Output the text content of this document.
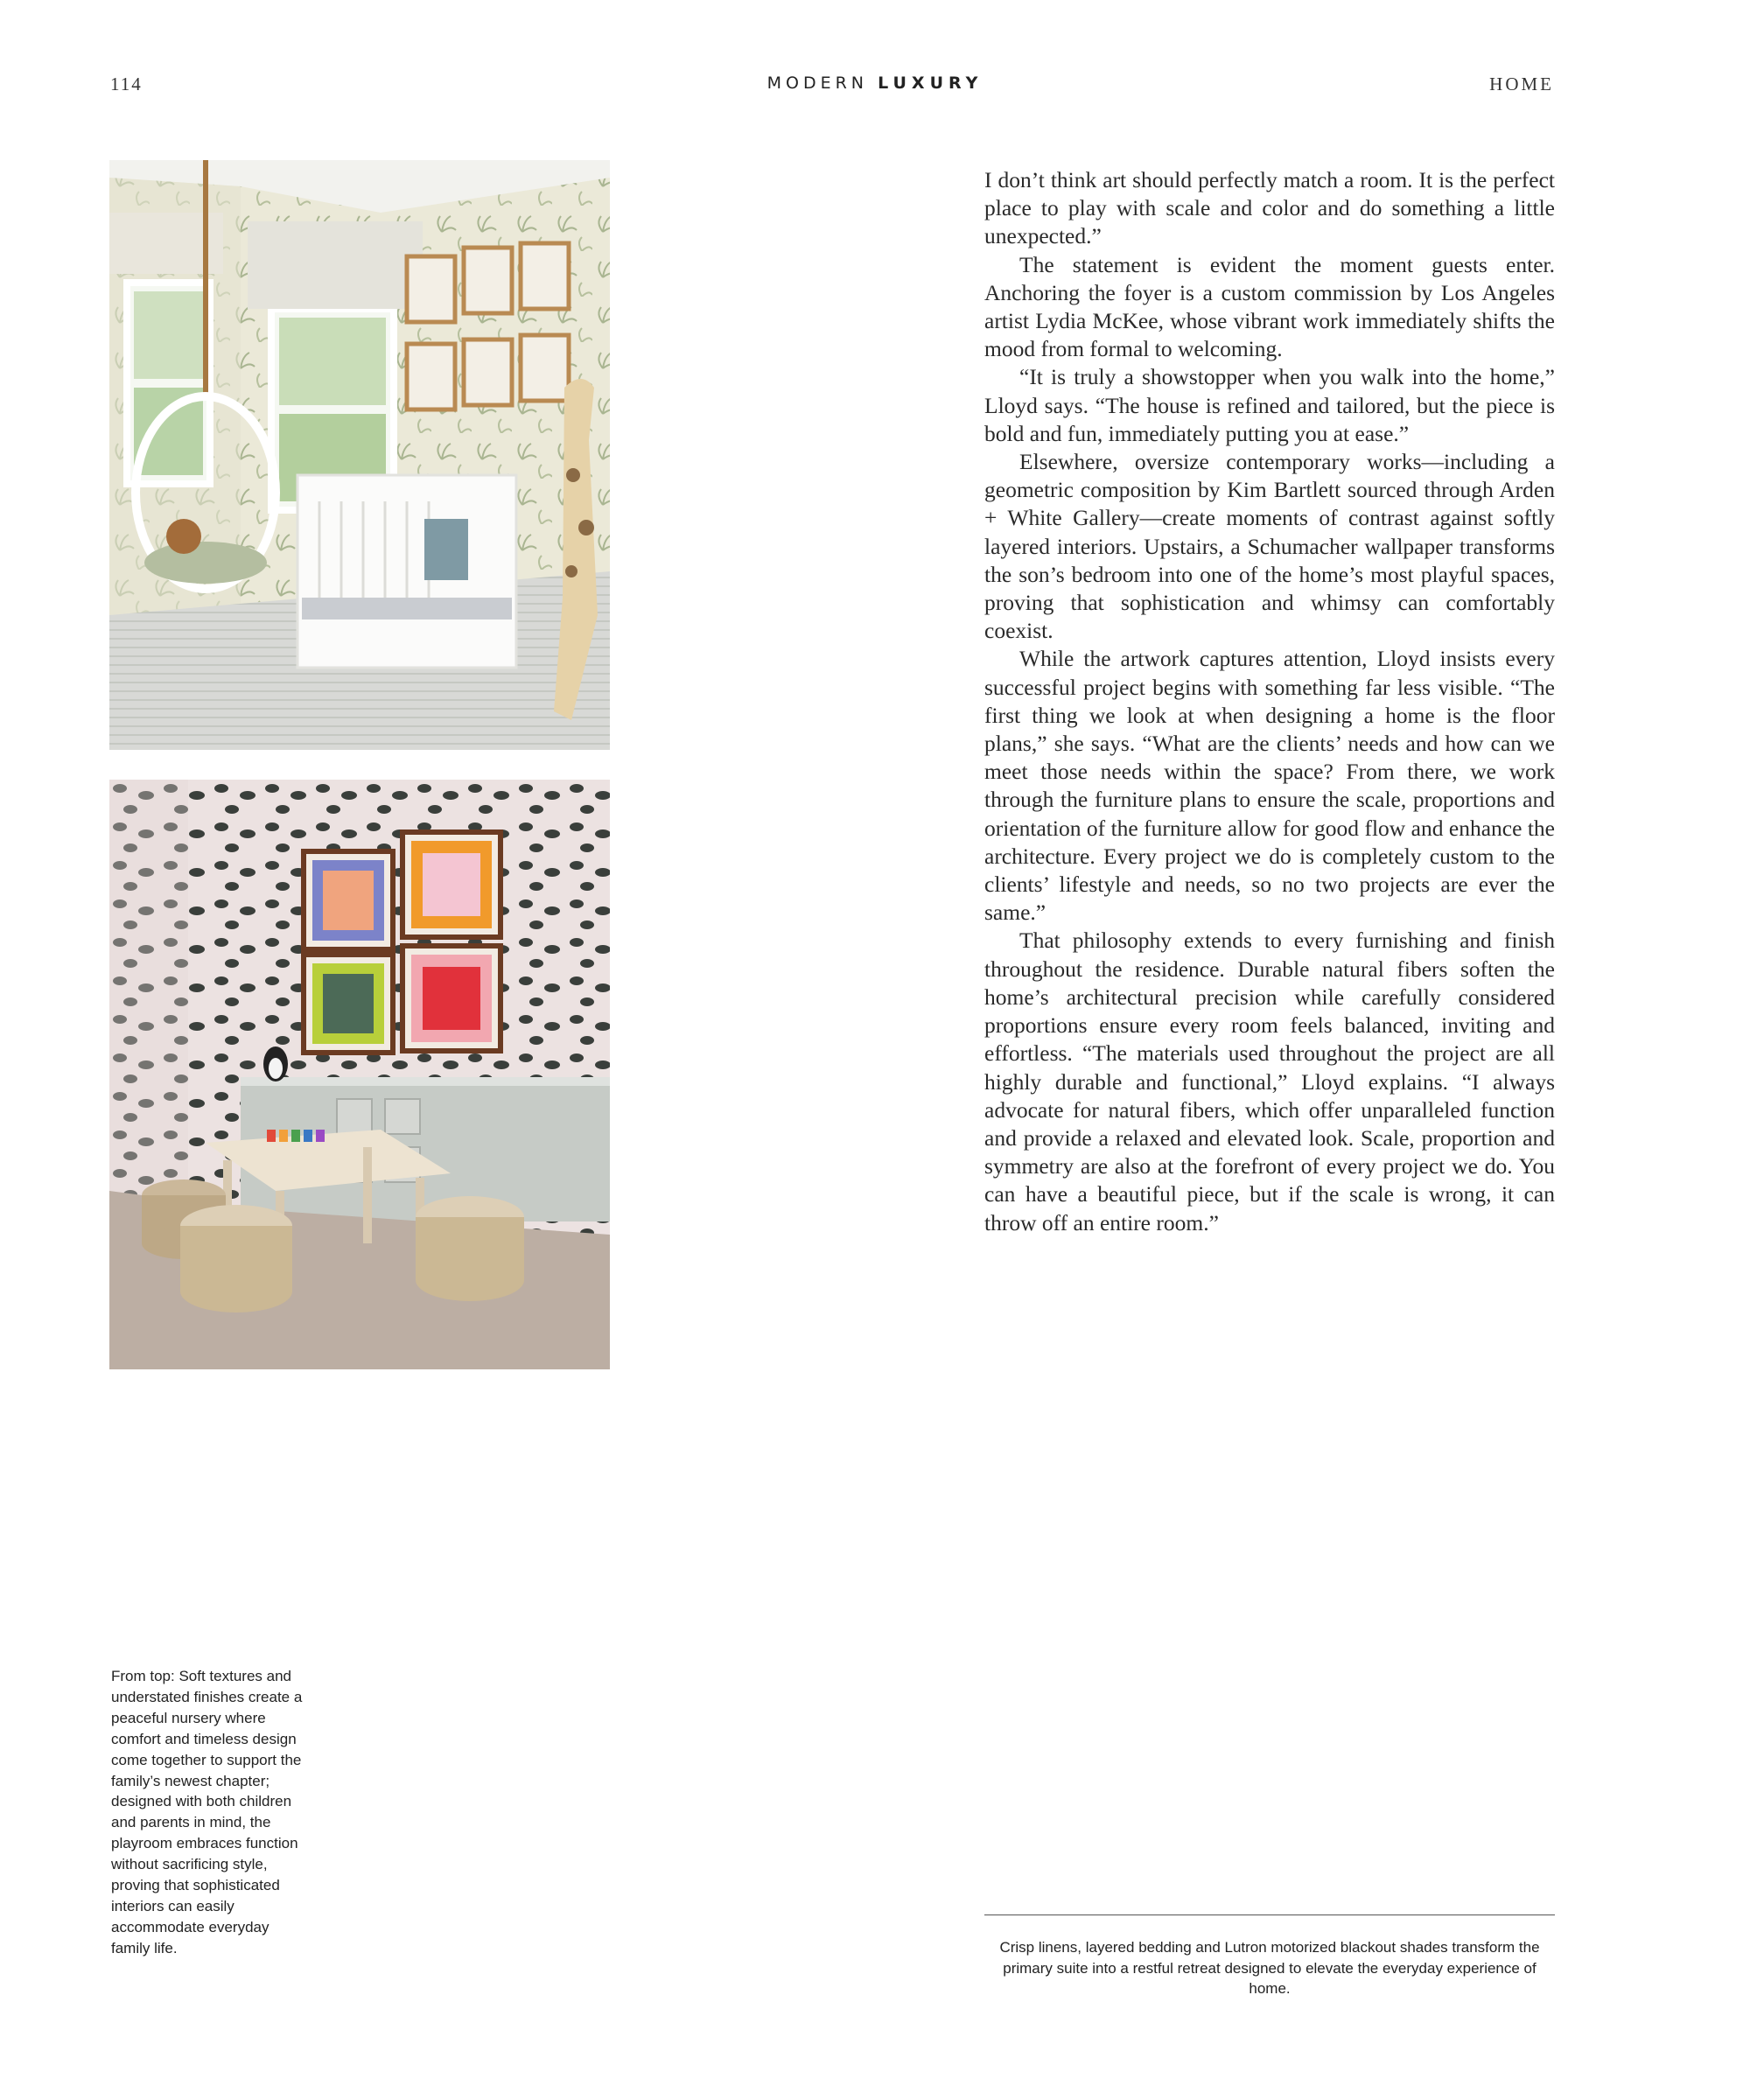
114	MODERN LUXURY	HOME

I don’t think art should perfectly match a room. It is the perfect place to play with scale and color and do something a little unexpected.”

The statement is evident the moment guests enter. Anchoring the foyer is a custom commission by Los Angeles artist Lydia McKee, whose vibrant work immediately shifts the mood from formal to welcoming.

“It is truly a showstopper when you walk into the home,” Lloyd says. “The house is refined and tailored, but the piece is bold and fun, immediately putting you at ease.”

Elsewhere, oversize contemporary works—including a geometric composition by Kim Bartlett sourced through Arden + White Gallery—create moments of contrast against softly layered interiors. Upstairs, a Schumacher wallpaper transforms the son’s bedroom into one of the home’s most playful spaces, proving that sophistication and whimsy can comfortably coexist.

While the artwork captures attention, Lloyd insists every successful project begins with something far less visible. “The first thing we look at when designing a home is the floor plans,” she says. “What are the clients’ needs and how can we meet those needs within the space? From there, we work through the furniture plans to ensure the scale, proportions and orientation of the furniture allow for good flow and enhance the architecture. Every project we do is completely custom to the clients’ lifestyle and needs, so no two projects are ever the same.”

That philosophy extends to every furnishing and finish throughout the residence. Durable natural fibers soften the home’s architectural precision while carefully considered proportions ensure every room feels balanced, inviting and effortless. “The materials used throughout the project are all highly durable and functional,” Lloyd explains. “I always advocate for natural fibers, which offer unparalleled function and provide a relaxed and elevated look. Scale, proportion and symmetry are also at the forefront of every project we do. You can have a beautiful piece, but if the scale is wrong, it can throw off an entire room.”

From top: Soft textures and understated finishes create a peaceful nursery where comfort and timeless design come together to support the family’s newest chapter; designed with both children and parents in mind, the playroom embraces function without sacrificing style, proving that sophisticated interiors can easily accommodate everyday family life.	Crisp linens, layered bedding and Lutron motorized blackout shades transform the primary suite into a restful retreat designed to elevate the everyday experience of home.
